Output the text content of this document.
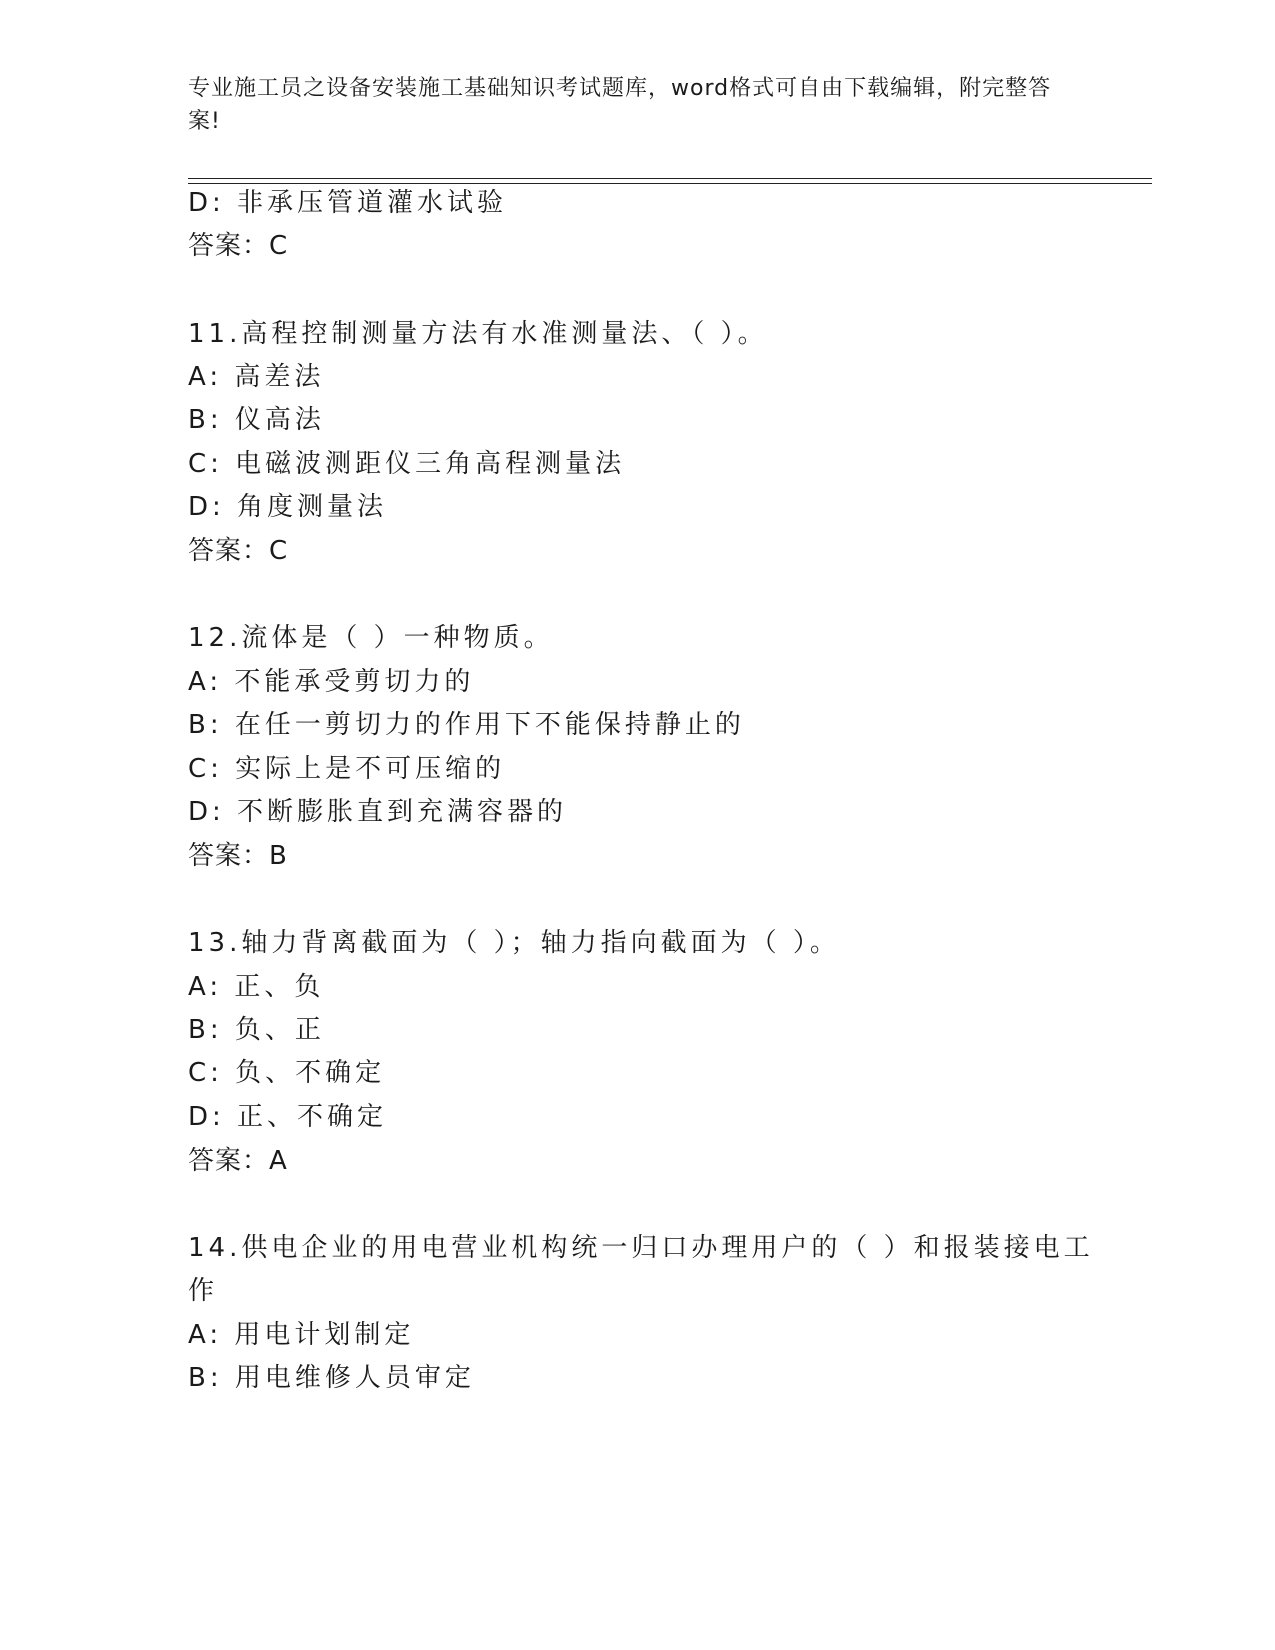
专业施工员之设备安装施工基础知识考试题库，word格式可自由下载编辑，附完整答案!
D: 非承压管道灌水试验
答案：C
11.高程控制测量方法有水准测量法、（ ）。
A: 高差法
B: 仪高法
C: 电磁波测距仪三角高程测量法
D: 角度测量法
答案：C
12.流体是（ ）一种物质。
A: 不能承受剪切力的
B: 在任一剪切力的作用下不能保持静止的
C: 实际上是不可压缩的
D: 不断膨胀直到充满容器的
答案：B
13.轴力背离截面为（ ）；轴力指向截面为（ ）。
A: 正、负
B: 负、正
C: 负、不确定
D: 正、不确定
答案：A
14.供电企业的用电营业机构统一归口办理用户的（ ）和报装接电工
作
A: 用电计划制定
B: 用电维修人员审定
